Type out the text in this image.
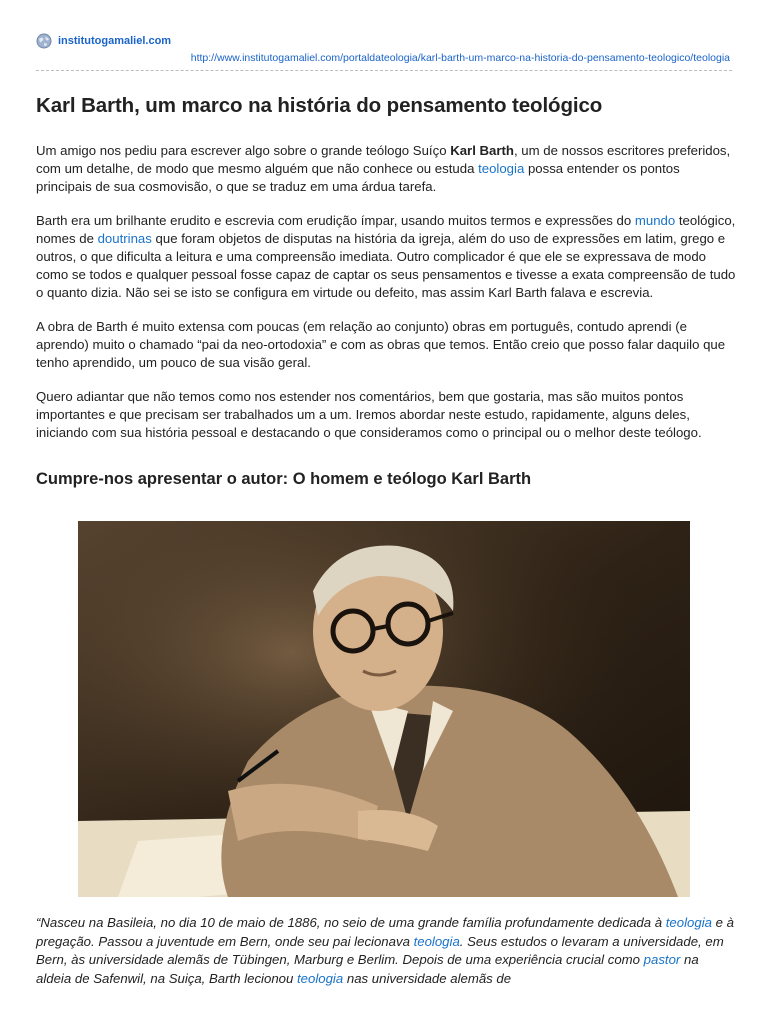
institutogamaliel.com
http://www.institutogamaliel.com/portaldateologia/karl-barth-um-marco-na-historia-do-pensamento-teologico/teologia
Karl Barth, um marco na história do pensamento teológico

Um amigo nos pediu para escrever algo sobre o grande teólogo Suíço Karl Barth, um de nossos escritores preferidos, com um detalhe, de modo que mesmo alguém que não conhece ou estuda teologia possa entender os pontos principais de sua cosmovisão, o que se traduz em uma árdua tarefa.

Barth era um brilhante erudito e escrevia com erudição ímpar, usando muitos termos e expressões do mundo teológico, nomes de doutrinas que foram objetos de disputas na história da igreja, além do uso de expressões em latim, grego e outros, o que dificulta a leitura e uma compreensão imediata. Outro complicador é que ele se expressava de modo como se todos e qualquer pessoal fosse capaz de captar os seus pensamentos e tivesse a exata compreensão de tudo o quanto dizia. Não sei se isto se configura em virtude ou defeito, mas assim Karl Barth falava e escrevia.

A obra de Barth é muito extensa com poucas (em relação ao conjunto) obras em português, contudo aprendi (e aprendo) muito o chamado “pai da neo-ortodoxia” e com as obras que temos. Então creio que posso falar daquilo que tenho aprendido, um pouco de sua visão geral.

Quero adiantar que não temos como nos estender nos comentários, bem que gostaria, mas são muitos pontos importantes e que precisam ser trabalhados um a um. Iremos abordar neste estudo, rapidamente, alguns deles, iniciando com sua história pessoal e destacando o que consideramos como o principal ou o melhor deste teólogo.

Cumpre-nos apresentar o autor: O homem e teólogo Karl Barth

“Nasceu na Basileia, no dia 10 de maio de 1886, no seio de uma grande família profundamente dedicada à teologia e à pregação. Passou a juventude em Bern, onde seu pai lecionava teologia. Seus estudos o levaram a universidade, em Bern, às universidade alemãs de Tübingen, Marburg e Berlim. Depois de uma experiência crucial como pastor na aldeia de Safenwil, na Suiça, Barth lecionou teologia nas universidade alemãs de
